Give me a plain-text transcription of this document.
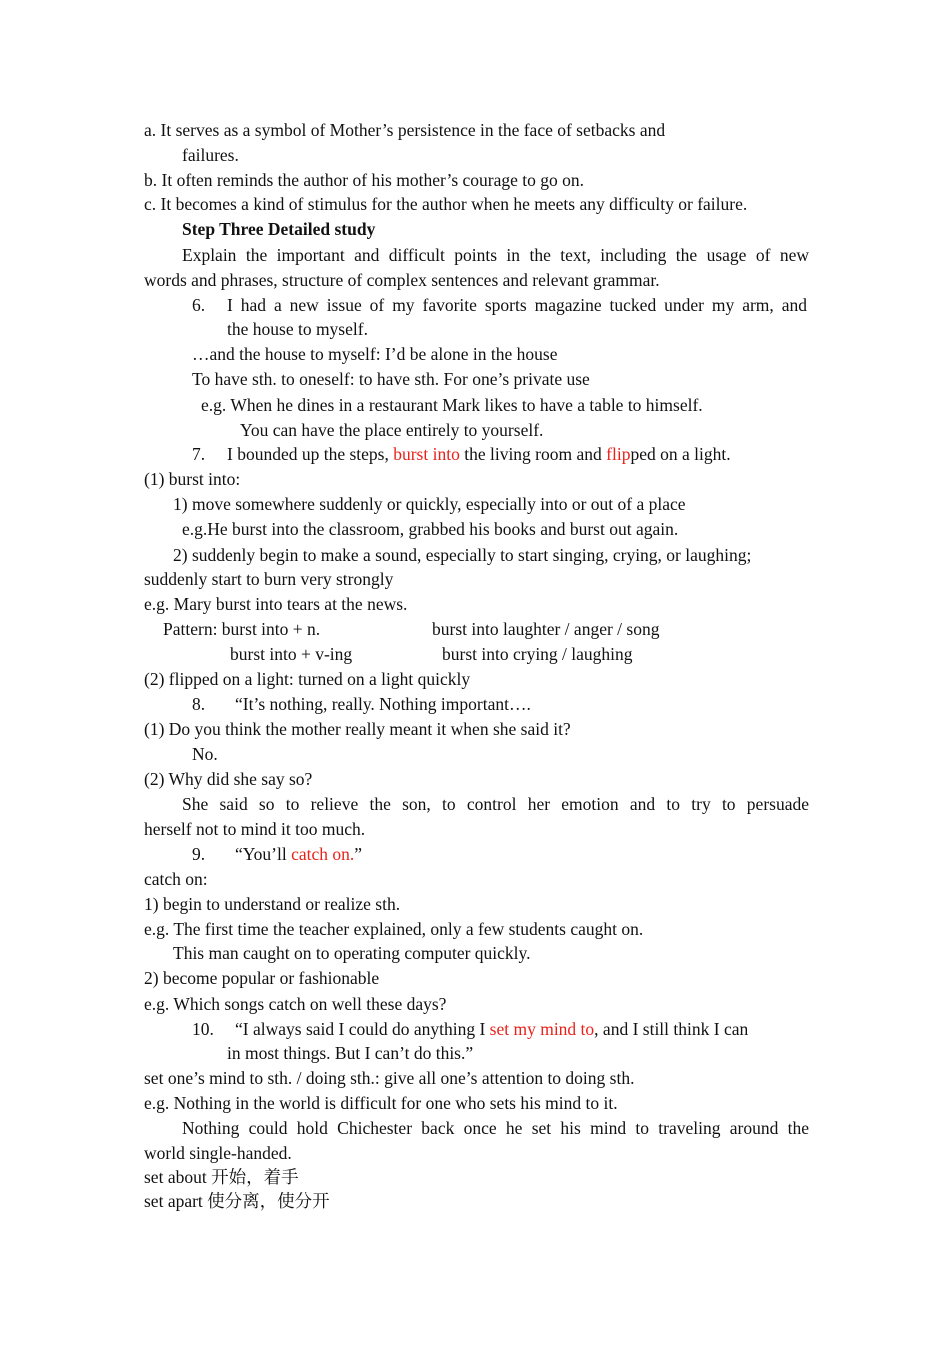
a. It serves as a symbol of Mother’s persistence in the face of setbacks and
failures.
b. It often reminds the author of his mother’s courage to go on.
c. It becomes a kind of stimulus for the author when he meets any difficulty or failure.
Step Three Detailed study
Explain the important and difficult points in the text, including the usage of new
words and phrases, structure of complex sentences and relevant grammar.
6. I had a new issue of my favorite sports magazine tucked under my arm, and
the house to myself.
…and the house to myself: I’d be alone in the house
To have sth. to oneself: to have sth. For one’s private use
e.g. When he dines in a restaurant Mark likes to have a table to himself.
You can have the place entirely to yourself.
7. I bounded up the steps, burst into the living room and flipped on a light.
(1) burst into:
1) move somewhere suddenly or quickly, especially into or out of a place
e.g.He burst into the classroom, grabbed his books and burst out again.
2) suddenly begin to make a sound, especially to start singing, crying, or laughing;
suddenly start to burn very strongly
e.g. Mary burst into tears at the news.
Pattern: burst into + n.	burst into laughter / anger / song
burst into + v-ing	burst into crying / laughing
(2) flipped on a light: turned on a light quickly
8. “It’s nothing, really. Nothing important….
(1) Do you think the mother really meant it when she said it?
No.
(2) Why did she say so?
She said so to relieve the son, to control her emotion and to try to persuade
herself not to mind it too much.
9. “You’ll catch on.”
catch on:
1) begin to understand or realize sth.
e.g. The first time the teacher explained, only a few students caught on.
This man caught on to operating computer quickly.
2) become popular or fashionable
e.g. Which songs catch on well these days?
10. “I always said I could do anything I set my mind to, and I still think I can
in most things. But I can’t do this.”
set one’s mind to sth. / doing sth.: give all one’s attention to doing sth.
e.g. Nothing in the world is difficult for one who sets his mind to it.
Nothing could hold Chichester back once he set his mind to traveling around the
world single-handed.
set about 开始，着手
set apart 使分离，使分开
